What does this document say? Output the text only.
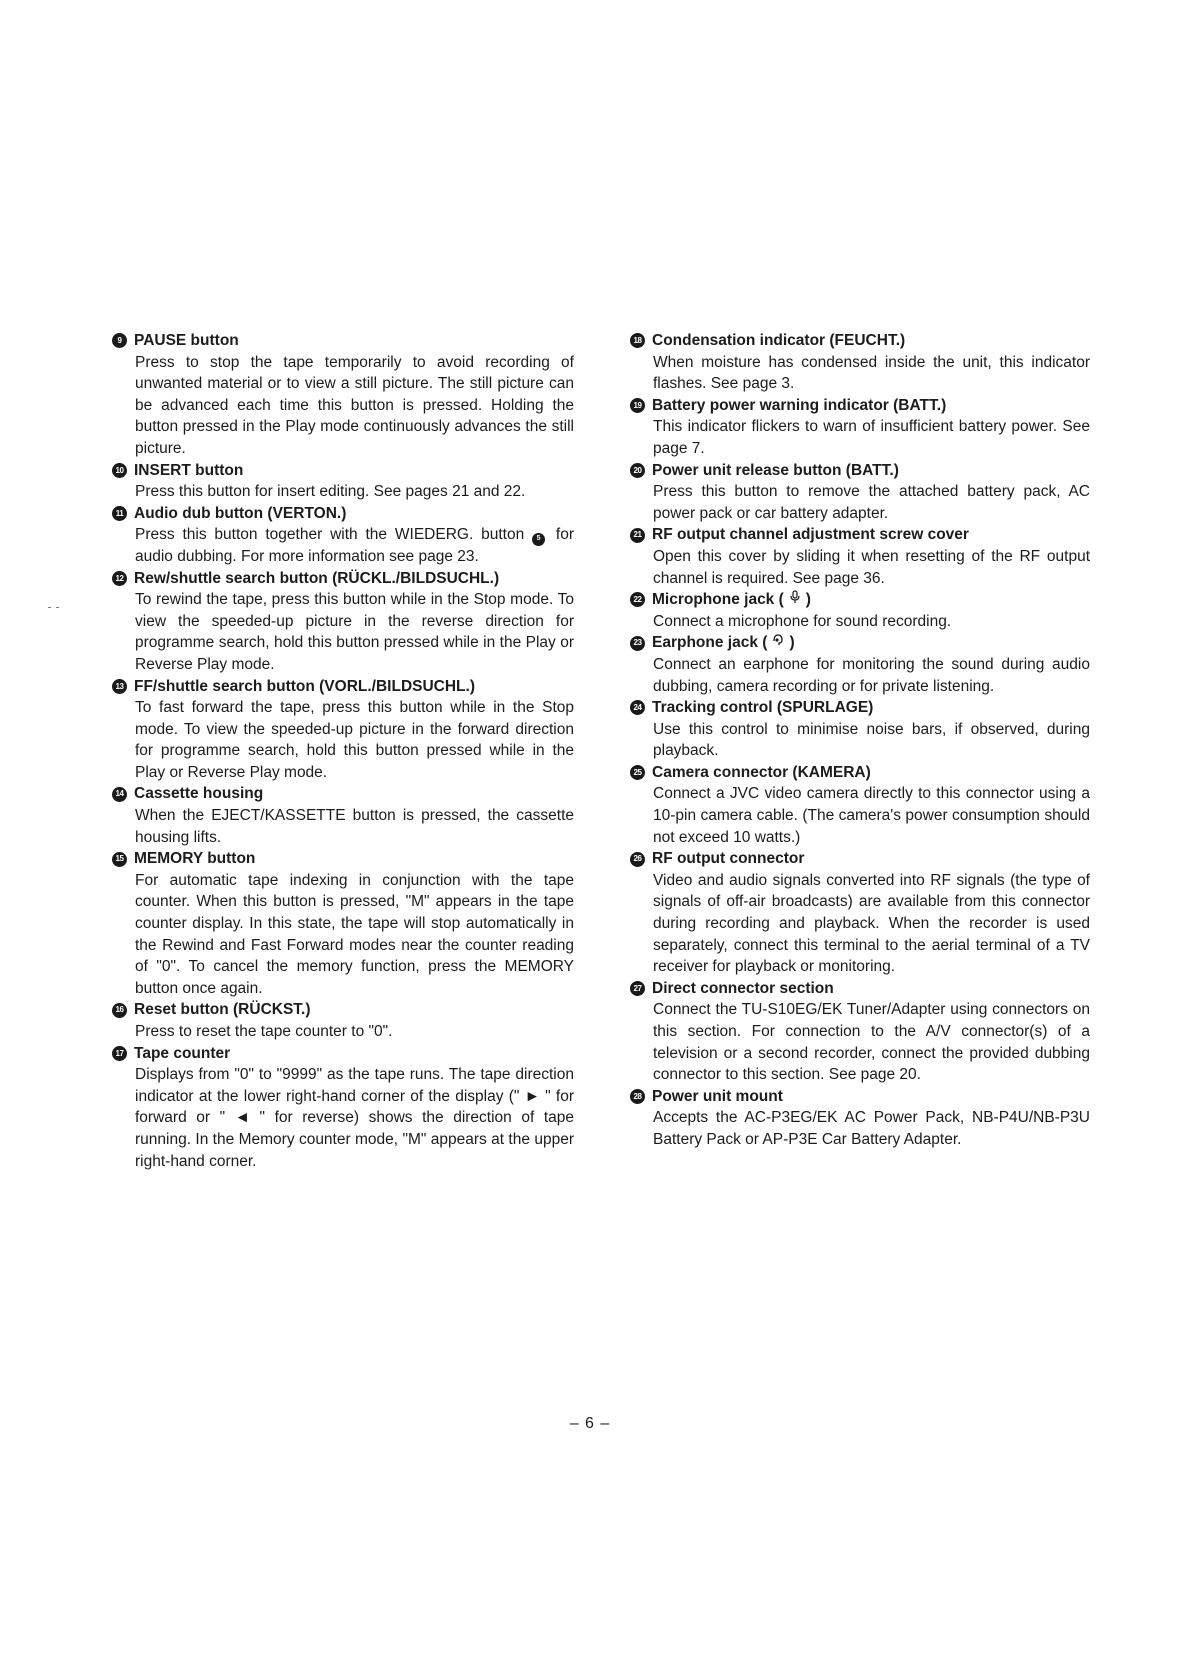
9 PAUSE button

Press to stop the tape temporarily to avoid recording of unwanted material or to view a still picture. The still picture can be advanced each time this button is pressed. Holding the button pressed in the Play mode continuously advances the still picture.

10 INSERT button

Press this button for insert editing. See pages 21 and 22.

11 Audio dub button (VERTON.)

Press this button together with the WIEDERG. button 5 for audio dubbing. For more information see page 23.

12 Rew/shuttle search button (RÜCKL./BILDSUCHL.)

To rewind the tape, press this button while in the Stop mode. To view the speeded-up picture in the reverse direction for programme search, hold this button pressed while in the Play or Reverse Play mode.

13 FF/shuttle search button (VORL./BILDSUCHL.)

To fast forward the tape, press this button while in the Stop mode. To view the speeded-up picture in the forward direction for programme search, hold this button pressed while in the Play or Reverse Play mode.

14 Cassette housing

When the EJECT/KASSETTE button is pressed, the cassette housing lifts.

15 MEMORY button

For automatic tape indexing in conjunction with the tape counter. When this button is pressed, "M" appears in the tape counter display. In this state, the tape will stop automatically in the Rewind and Fast Forward modes near the counter reading of "0". To cancel the memory function, press the MEMORY button once again.

16 Reset button (RÜCKST.)

Press to reset the tape counter to "0".

17 Tape counter

Displays from "0" to "9999" as the tape runs. The tape direction indicator at the lower right-hand corner of the display (" ► " for forward or " ◄ " for reverse) shows the direction of tape running. In the Memory counter mode, "M" appears at the upper right-hand corner.

18 Condensation indicator (FEUCHT.)

When moisture has condensed inside the unit, this indicator flashes. See page 3.

19 Battery power warning indicator (BATT.)

This indicator flickers to warn of insufficient battery power. See page 7.

20 Power unit release button (BATT.)

Press this button to remove the attached battery pack, AC power pack or car battery adapter.

21 RF output channel adjustment screw cover

Open this cover by sliding it when resetting of the RF output channel is required. See page 36.

22 Microphone jack ( )

Connect a microphone for sound recording.

23 Earphone jack ( )

Connect an earphone for monitoring the sound during audio dubbing, camera recording or for private listening.

24 Tracking control (SPURLAGE)

Use this control to minimise noise bars, if observed, during playback.

25 Camera connector (KAMERA)

Connect a JVC video camera directly to this connector using a 10-pin camera cable. (The camera's power consumption should not exceed 10 watts.)

26 RF output connector

Video and audio signals converted into RF signals (the type of signals of off-air broadcasts) are available from this connector during recording and playback. When the recorder is used separately, connect this terminal to the aerial terminal of a TV receiver for playback or monitoring.

27 Direct connector section

Connect the TU-S10EG/EK Tuner/Adapter using connectors on this section. For connection to the A/V connector(s) of a television or a second recorder, connect the provided dubbing connector to this section. See page 20.

28 Power unit mount

Accepts the AC-P3EG/EK AC Power Pack, NB-P4U/NB-P3U Battery Pack or AP-P3E Car Battery Adapter.

– 6 –
